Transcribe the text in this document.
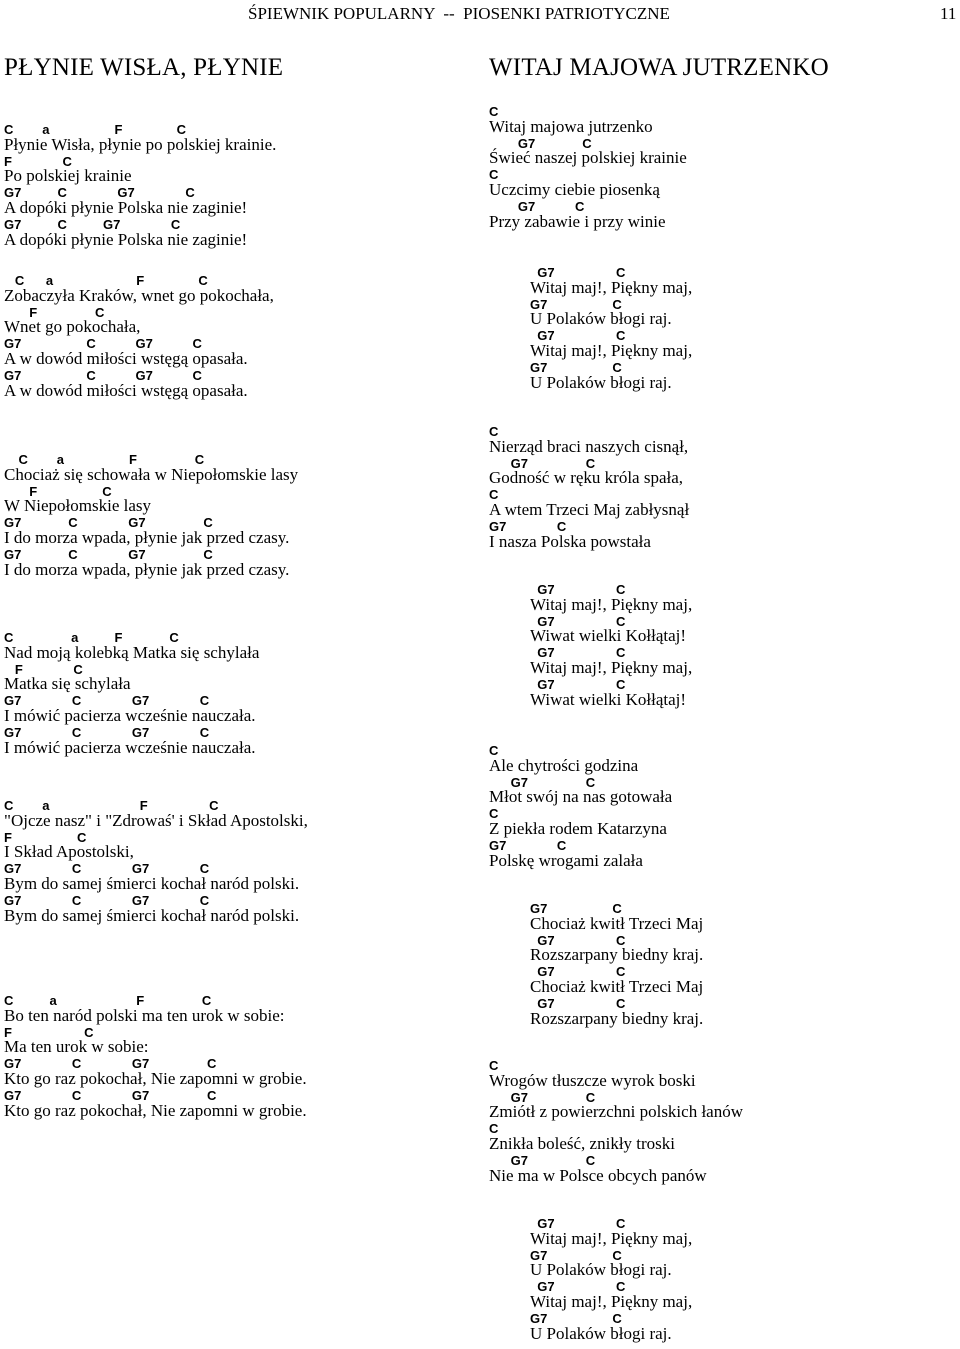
ŚPIEWNIK POPULARNY  --  PIOSENKI PATRIOTYCZNE	11
PŁYNIE WISŁA, PŁYNIE	WITAJ MAJOWA JUTRZENKO
C        a                  F               C
Płynie Wisła, płynie po polskiej krainie.
F              C
Po polskiej krainie
G7          C              G7              C
A dopóki płynie Polska nie zaginie!
G7          C          G7              C
A dopóki płynie Polska nie zaginie!
C      a                       F               C
Zobaczyła Kraków, wnet go pokochała,
F                C
Wnet go pokochała,
G7                  C           G7           C
A w dowód miłości wstęgą opasała.
G7                  C           G7           C
A w dowód miłości wstęgą opasała.
C        a                  F                C
Chociaż się schowała w Niepołomskie lasy
F                  C
W Niepołomskie lasy
G7             C              G7                C
I do morza wpada, płynie jak przed czasy.
G7             C              G7                C
I do morza wpada, płynie jak przed czasy.
C                a          F             C
Nad moją kolebką Matka się schylała
F              C
Matka się schylała
G7              C              G7              C
I mówić pacierza wcześnie nauczała.
G7              C              G7              C
I mówić pacierza wcześnie nauczała.
C        a                         F                 C
"Ojcze nasz" i "Zdrowaś' i Skład Apostolski,
F                  C
I Skład Apostolski,
G7              C              G7              C
Bym do samej śmierci kochał naród polski.
G7              C              G7              C
Bym do samej śmierci kochał naród polski.
C          a                      F                C
Bo ten naród polski ma ten urok w sobie:
F                    C
Ma ten urok w sobie:
G7              C              G7                C
Kto go raz pokochał, Nie zapomni w grobie.
G7              C              G7                C
Kto go raz pokochał, Nie zapomni w grobie.
C
Witaj majowa jutrzenko
G7             C
Świeć naszej polskiej krainie
C
Uczcimy ciebie piosenką
G7           C
Przy zabawie i przy winie
G7                 C
Witaj maj!, Piękny maj,
G7                  C
U Polaków błogi raj.
G7                 C
Witaj maj!, Piękny maj,
G7                  C
U Polaków błogi raj.
C
Nierząd braci naszych cisnął,
G7                C
Godność w ręku króla spała,
C
A wtem Trzeci Maj zabłysnął
G7              C
I nasza Polska powstała
G7                 C
Witaj maj!, Piękny maj,
G7                 C
Wiwat wielki Kołłątaj!
G7                 C
Witaj maj!, Piękny maj,
G7                 C
Wiwat wielki Kołłątaj!
C
Ale chytrości godzina
G7                C
Młot swój na nas gotowała
C
Z piekła rodem Katarzyna
G7              C
Polskę wrogami zalała
G7                  C
Chociaż kwitł Trzeci Maj
G7                 C
Rozszarpany biedny kraj.
G7                 C
Chociaż kwitł Trzeci Maj
G7                 C
Rozszarpany biedny kraj.
C
Wrogów tłuszcze wyrok boski
G7                C
Zmiótł z powierzchni polskich łanów
C
Znikła boleść, znikły troski
G7                C
Nie ma w Polsce obcych panów
G7                 C
Witaj maj!, Piękny maj,
G7                  C
U Polaków błogi raj.
G7                 C
Witaj maj!, Piękny maj,
G7                  C
U Polaków błogi raj.
